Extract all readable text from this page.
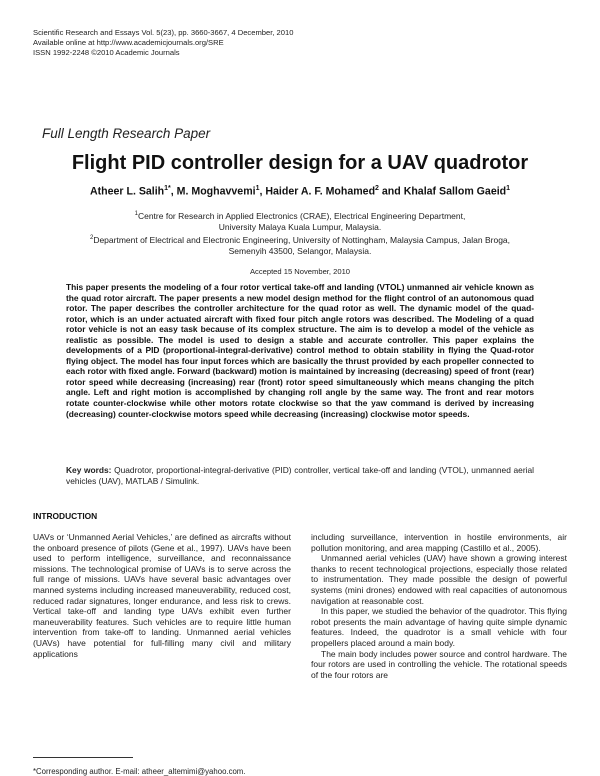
Scientific Research and Essays Vol. 5(23), pp. 3660-3667, 4 December, 2010
Available online at http://www.academicjournals.org/SRE
ISSN 1992-2248 ©2010 Academic Journals
Full Length Research Paper
Flight PID controller design for a UAV quadrotor
Atheer L. Salih$^{1*}$, M. Moghavvemi$^1$, Haider A. F. Mohamed$^2$ and Khalaf Sallom Gaeid$^1$
$^1$Centre for Research in Applied Electronics (CRAE), Electrical Engineering Department,
University Malaya Kuala Lumpur, Malaysia.
$^2$Department of Electrical and Electronic Engineering, University of Nottingham, Malaysia Campus, Jalan Broga,
Semenyih 43500, Selangor, Malaysia.
Accepted 15 November, 2010
This paper presents the modeling of a four rotor vertical take-off and landing (VTOL) unmanned air vehicle known as the quad rotor aircraft. The paper presents a new model design method for the flight control of an autonomous quad rotor. The paper describes the controller architecture for the quad rotor as well. The dynamic model of the quad-rotor, which is an under actuated aircraft with fixed four pitch angle rotors was described. The Modeling of a quad rotor vehicle is not an easy task because of its complex structure. The aim is to develop a model of the vehicle as realistic as possible. The model is used to design a stable and accurate controller. This paper explains the developments of a PID (proportional-integral-derivative) control method to obtain stability in flying the Quad-rotor flying object. The model has four input forces which are basically the thrust provided by each propeller connected to each rotor with fixed angle. Forward (backward) motion is maintained by increasing (decreasing) speed of front (rear) rotor speed while decreasing (increasing) rear (front) rotor speed simultaneously which means changing the pitch angle. Left and right motion is accomplished by changing roll angle by the same way. The front and rear motors rotate counter-clockwise while other motors rotate clockwise so that the yaw command is derived by increasing (decreasing) counter-clockwise motors speed while decreasing (increasing) clockwise motor speeds.
Key words: Quadrotor, proportional-integral-derivative (PID) controller, vertical take-off and landing (VTOL), unmanned aerial vehicles (UAV), MATLAB / Simulink.
INTRODUCTION

UAVs or ‘Unmanned Aerial Vehicles,’ are defined as aircrafts without the onboard presence of pilots (Gene et al., 1997). UAVs have been used to perform intelligence, surveillance, and reconnaissance missions. The technological promise of UAVs is to serve across the full range of missions. UAVs have several basic advantages over manned systems including increased maneuverability, reduced cost, reduced radar signatures, longer endurance, and less risk to crews. Vertical take-off and landing type UAVs exhibit even further maneuverability features. Such vehicles are to require little human intervention from take-off to landing. Unmanned aerial vehicles (UAVs) have potential for full-filling many civil and military applications

including surveillance, intervention in hostile environments, air pollution monitoring, and area mapping (Castillo et al., 2005).

Unmanned aerial vehicles (UAV) have shown a growing interest thanks to recent technological projections, especially those related to instrumentation. They made possible the design of powerful systems (mini drones) endowed with real capacities of autonomous navigation at reasonable cost.

In this paper, we studied the behavior of the quadrotor. This flying robot presents the main advantage of having quite simple dynamic features. Indeed, the quadrotor is a small vehicle with four propellers placed around a main body.

The main body includes power source and control hardware. The four rotors are used in controlling the vehicle. The rotational speeds of the four rotors are

*Corresponding author. E-mail: atheer_altemimi@yahoo.com.
